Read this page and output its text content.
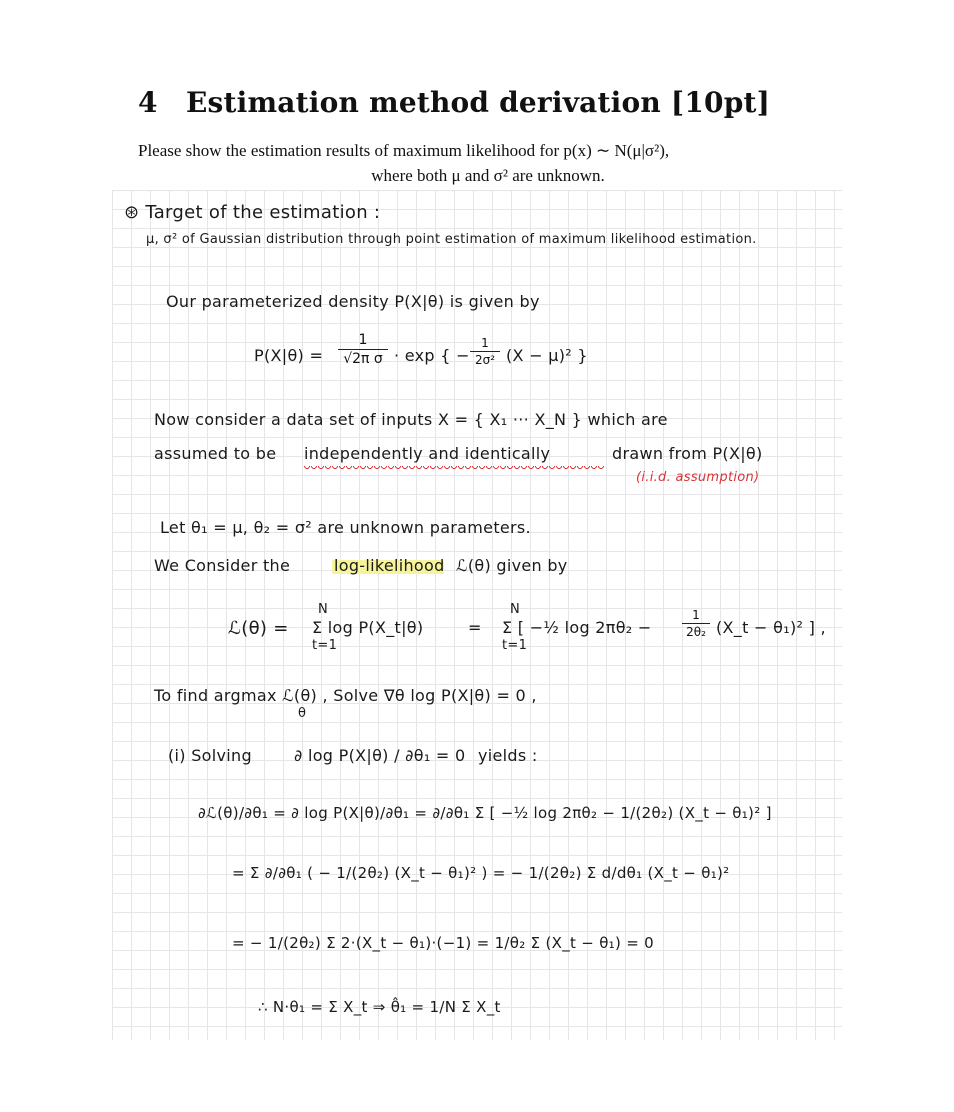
4 Estimation method derivation [10pt]
Please show the estimation results of maximum likelihood for p(x) ∼ N(μ|σ²),
where both μ and σ² are unknown.
⊛ Target of the estimation :
μ, σ² of Gaussian distribution through point estimation of maximum likelihood estimation.
Our parameterized density P(X|θ) is given by
P(X|θ) =
1
√2π σ · exp { −
1
2σ² (X − μ)² }
Now consider a data set of inputs X = { X₁ ··· X_N } which are
assumed to be independently and identically	drawn from P(X|θ)
(i.i.d. assumption)
Let θ₁ = μ, θ₂ = σ² are unknown parameters.
We Consider the	log-likelihood ℒ(θ) given by
ℒ(θ) =
N
Σ log P(X_t|θ)
t=1
=
N
Σ [ −½ log 2πθ₂ −
t=1
1
2θ₂ (X_t − θ₁)² ] ,
To find argmax ℒ(θ) , Solve ∇θ log P(X|θ) = 0 ,
θ
(i) Solving	∂ log P(X|θ) / ∂θ₁ = 0 yields :
∂ℒ(θ)/∂θ₁ = ∂ log P(X|θ)/∂θ₁ = ∂/∂θ₁ Σ [ −½ log 2πθ₂ − 1/(2θ₂) (X_t − θ₁)² ]
= Σ ∂/∂θ₁ ( − 1/(2θ₂) (X_t − θ₁)² ) = − 1/(2θ₂) Σ d/dθ₁ (X_t − θ₁)²
= − 1/(2θ₂) Σ 2·(X_t − θ₁)·(−1) = 1/θ₂ Σ (X_t − θ₁) = 0
∴ N·θ₁ = Σ X_t ⇒ θ̂₁ = 1/N Σ X_t
